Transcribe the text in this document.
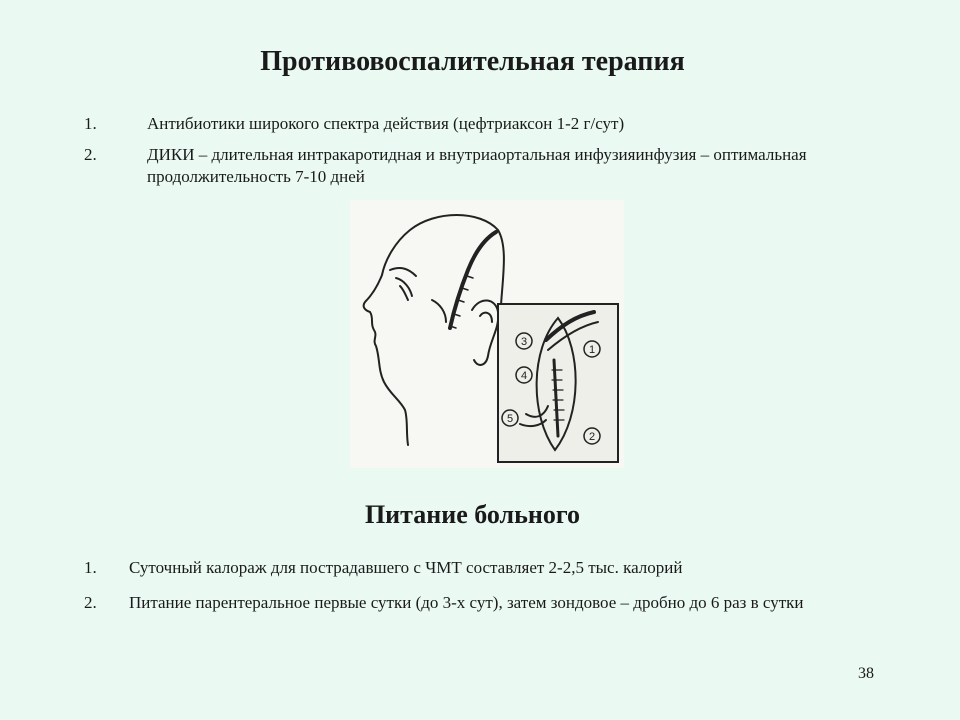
Противовоспалительная терапия
1.	Антибиотики широкого спектра действия (цефтриаксон 1-2 г/сут)
2.	ДИКИ – длительная интракаротидная и внутриаортальная инфузияинфузия – оптимальная продолжительность 7-10 дней
3
1
4
5
2
Питание больного
1. Суточный калораж для пострадавшего с ЧМТ составляет 2-2,5 тыс. калорий
2. Питание парентеральное первые сутки (до 3-х сут), затем зондовое – дробно до 6 раз в сутки
38
